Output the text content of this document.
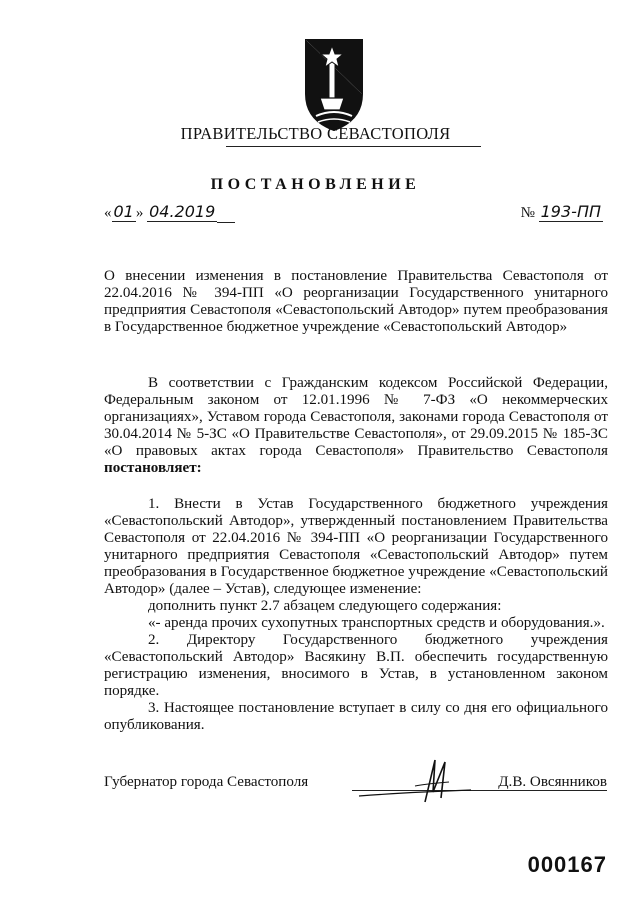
ПРАВИТЕЛЬСТВО СЕВАСТОПОЛЯ
ПОСТАНОВЛЕНИЕ
« 01 » 04.2019	№ 193-ПП
О внесении изменения в постановление Правительства Севастополя от 22.04.2016 № 394-ПП «О реорганизации Государственного унитарного предприятия Севастополя «Севастопольский Автодор» путем преобразования в Государственное бюджетное учреждение «Севастопольский Автодор»

В соответствии с Гражданским кодексом Российской Федерации, Федеральным законом от 12.01.1996 № 7-ФЗ «О некоммерческих организациях», Уставом города Севастополя, законами города Севастополя от 30.04.2014 № 5-ЗС «О Правительстве Севастополя», от 29.09.2015 № 185-ЗС «О правовых актах города Севастополя» Правительство Севастополя постановляет:

1. Внести в Устав Государственного бюджетного учреждения «Севастопольский Автодор», утвержденный постановлением Правительства Севастополя от 22.04.2016 № 394-ПП «О реорганизации Государственного унитарного предприятия Севастополя «Севастопольский Автодор» путем преобразования в Государственное бюджетное учреждение «Севастопольский Автодор» (далее – Устав), следующее изменение:

дополнить пункт 2.7 абзацем следующего содержания:

«- аренда прочих сухопутных транспортных средств и оборудования.».

2. Директору Государственного бюджетного учреждения «Севастопольский Автодор» Васякину В.П. обеспечить государственную регистрацию изменения, вносимого в Устав, в установленном законом порядке.

3. Настоящее постановление вступает в силу со дня его официального опубликования.

Губернатор города Севастополя	Д.В. Овсянников
000167
